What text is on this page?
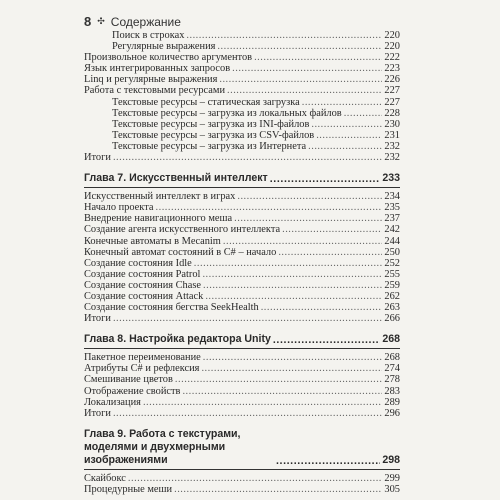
8 ✣ Содержание
Поиск в строках .....	220
Регулярные выражения .....	220
Произвольное количество аргументов .....	222
Язык интегрированных запросов .....	223
Linq и регулярные выражения .....	226
Работа с текстовыми ресурсами .....	227
Текстовые ресурсы – статическая загрузка .....	227
Текстовые ресурсы – загрузка из локальных файлов .....	228
Текстовые ресурсы – загрузка из INI-файлов .....	230
Текстовые ресурсы – загрузка из CSV-файлов .....	231
Текстовые ресурсы – загрузка из Интернета .....	232
Итоги .....	232
Глава 7. Искусственный интеллект .....	233
Искусственный интеллект в играх .....	234
Начало проекта .....	235
Внедрение навигационного меша .....	237
Создание агента искусственного интеллекта .....	242
Конечные автоматы в Mecanim .....	244
Конечный автомат состояний в C# – начало .....	250
Создание состояния Idle .....	252
Создание состояния Patrol .....	255
Создание состояния Chase .....	259
Создание состояния Attack .....	262
Создание состояния бегства SeekHealth .....	263
Итоги .....	266
Глава 8. Настройка редактора Unity .....	268
Пакетное переименование .....	268
Атрибуты C# и рефлексия .....	274
Смешивание цветов .....	278
Отображение свойств .....	283
Локализация .....	289
Итоги .....	296
Глава 9. Работа с текстурами, моделями и двухмерными изображениями .....	298
Скайбокс .....	299
Процедурные меши .....	305
